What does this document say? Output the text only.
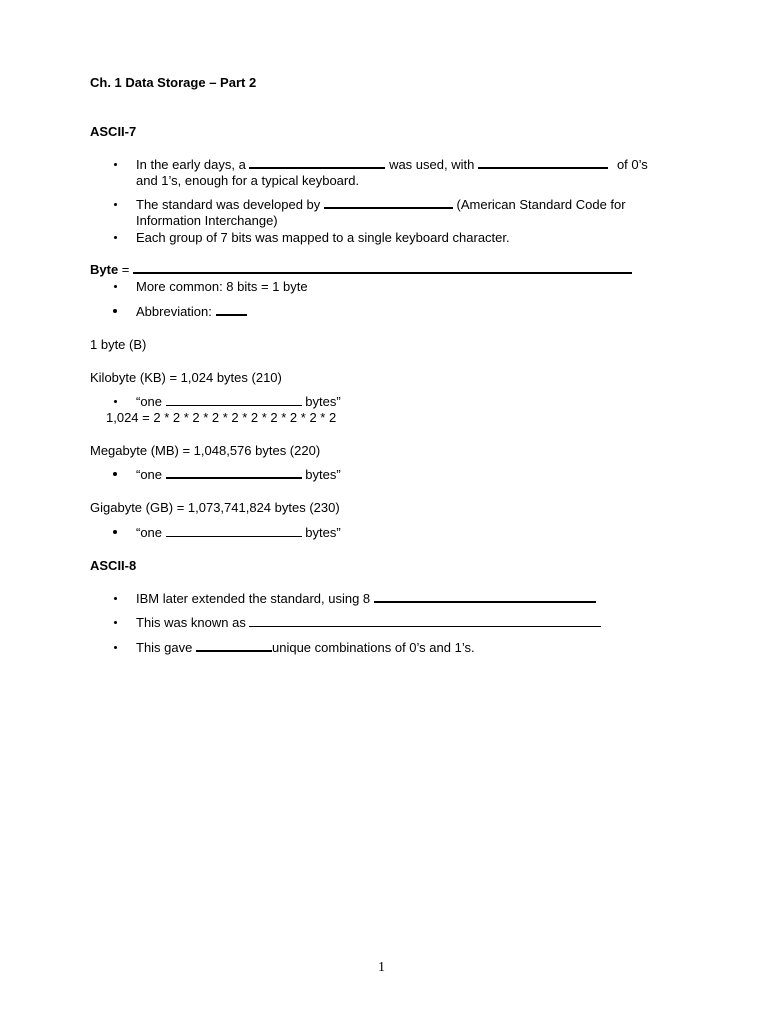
Ch. 1 Data Storage – Part 2
ASCII-7
In the early days, a	was used, with	of 0’s
and 1’s, enough for a typical keyboard.
The standard was developed by	(American Standard Code for
Information Interchange)
Each group of 7 bits was mapped to a single keyboard character.
Byte =
More common: 8 bits = 1 byte
Abbreviation:
1 byte (B)
Kilobyte (KB) = 1,024 bytes (210)
“one	bytes”
1,024 = 2 * 2 * 2 * 2 * 2 * 2 * 2 * 2 * 2 * 2
Megabyte (MB) = 1,048,576 bytes (220)
“one	bytes”
Gigabyte (GB) = 1,073,741,824 bytes (230)
“one	bytes”
ASCII-8
IBM later extended the standard, using 8
This was known as
This gave	unique combinations of 0’s and 1’s.
1
